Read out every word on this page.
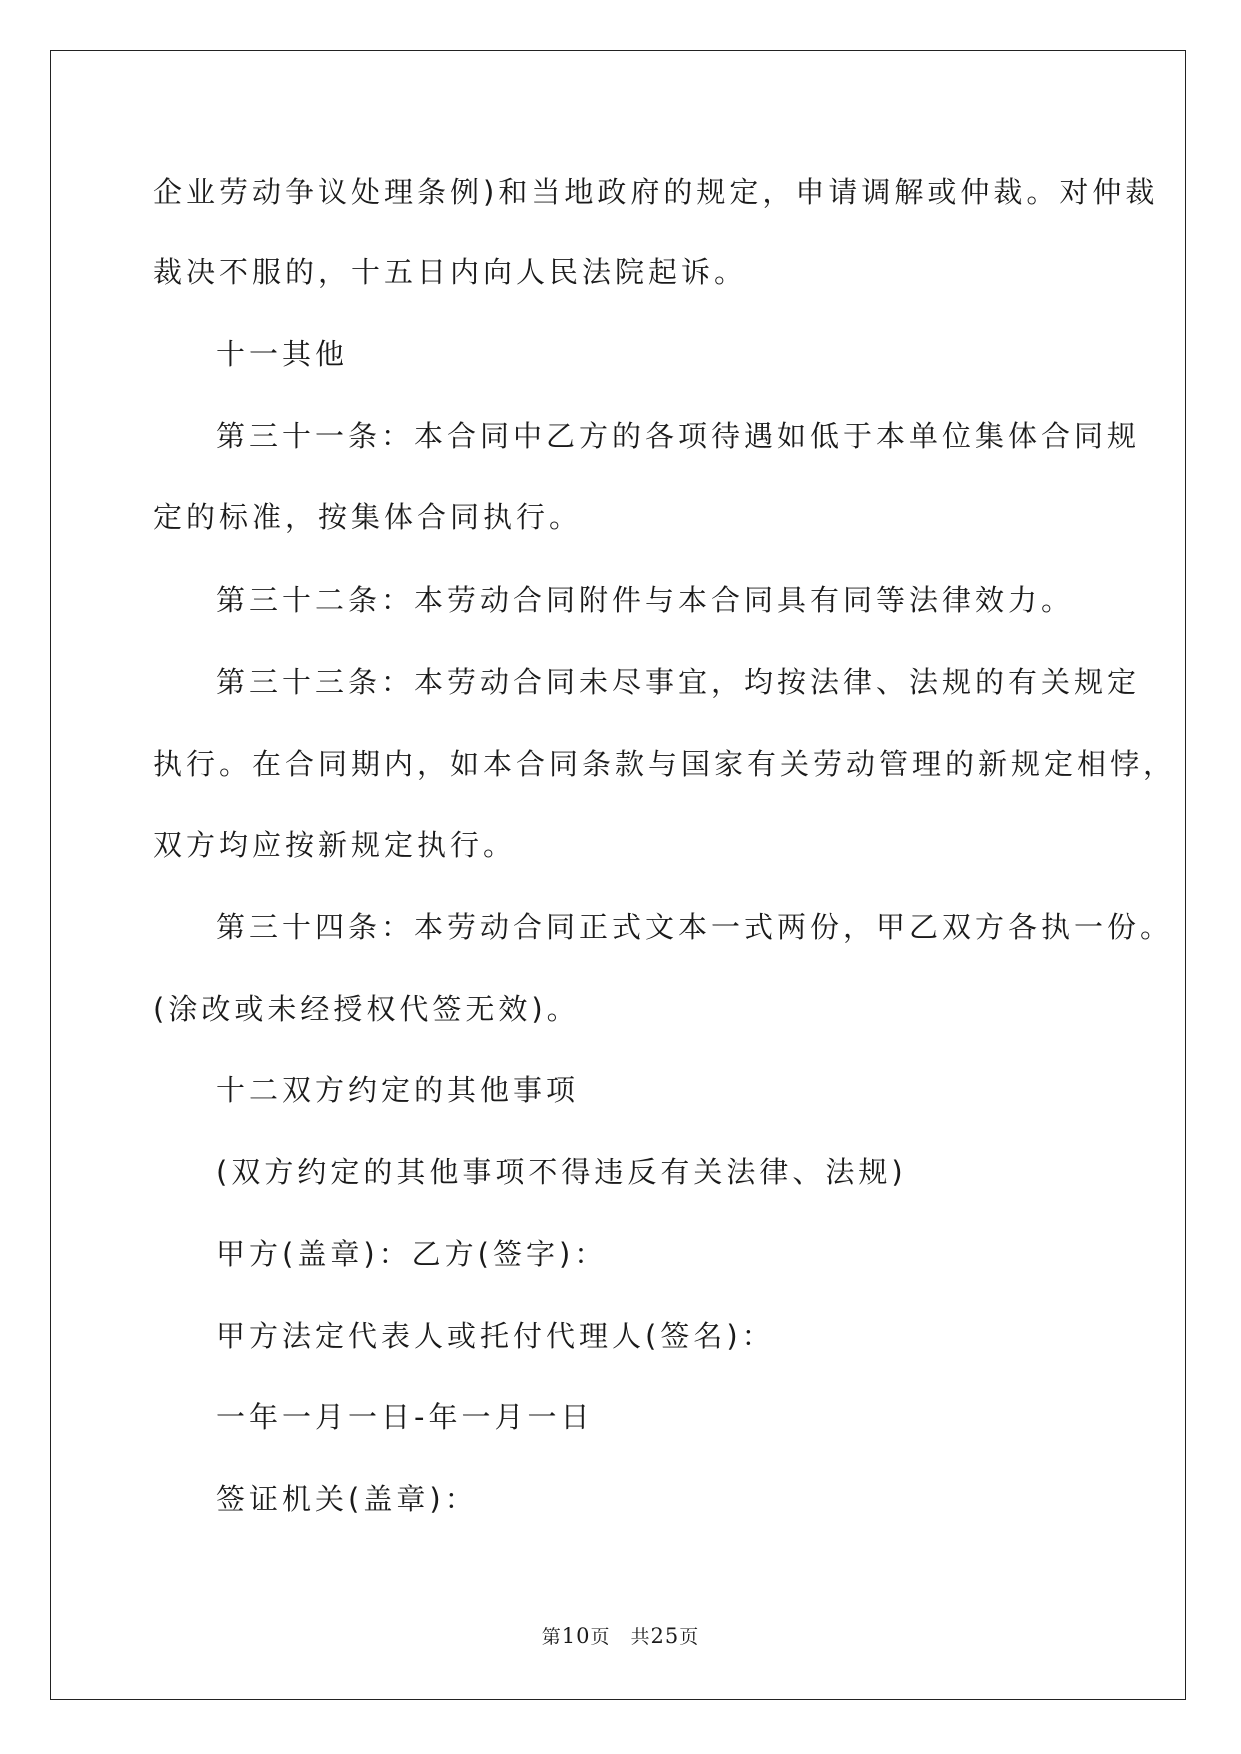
企业劳动争议处理条例)和当地政府的规定，申请调解或仲裁。对仲裁
裁决不服的，十五日内向人民法院起诉。
十一其他
第三十一条：本合同中乙方的各项待遇如低于本单位集体合同规
定的标准，按集体合同执行。
第三十二条：本劳动合同附件与本合同具有同等法律效力。
第三十三条：本劳动合同未尽事宜，均按法律、法规的有关规定
执行。在合同期内，如本合同条款与国家有关劳动管理的新规定相悖，
双方均应按新规定执行。
第三十四条：本劳动合同正式文本一式两份，甲乙双方各执一份。
(涂改或未经授权代签无效)。
十二双方约定的其他事项
(双方约定的其他事项不得违反有关法律、法规)
甲方(盖章)：乙方(签字)：
甲方法定代表人或托付代理人(签名)：
一年一月一日-年一月一日
签证机关(盖章)：
第10页 共25页
